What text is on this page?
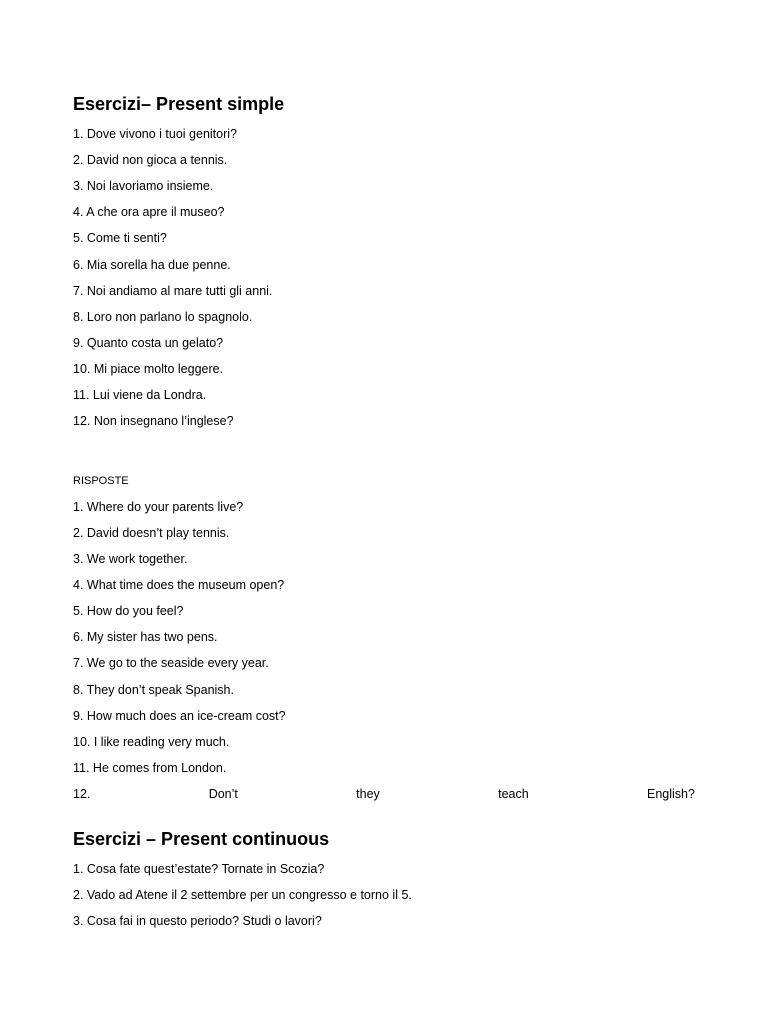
Esercizi– Present simple
1. Dove vivono i tuoi genitori?
2. David non gioca a tennis.
3. Noi lavoriamo insieme.
4. A che ora apre il museo?
5. Come ti senti?
6. Mia sorella ha due penne.
7. Noi andiamo al mare tutti gli anni.
8. Loro non parlano lo spagnolo.
9. Quanto costa un gelato?
10. Mi piace molto leggere.
11. Lui viene da Londra.
12. Non insegnano l’inglese?
RISPOSTE
1. Where do your parents live?
2. David doesn’t play tennis.
3. We work together.
4. What time does the museum open?
5. How do you feel?
6. My sister has two pens.
7. We go to the seaside every year.
8. They don’t speak Spanish.
9. How much does an ice-cream cost?
10. I like reading very much.
11. He comes from London.
12.	Don’t	they	teach	English?
Esercizi – Present continuous
1. Cosa fate quest’estate? Tornate in Scozia?
2. Vado ad Atene il 2 settembre per un congresso e torno il 5.
3. Cosa fai in questo periodo? Studi o lavori?
